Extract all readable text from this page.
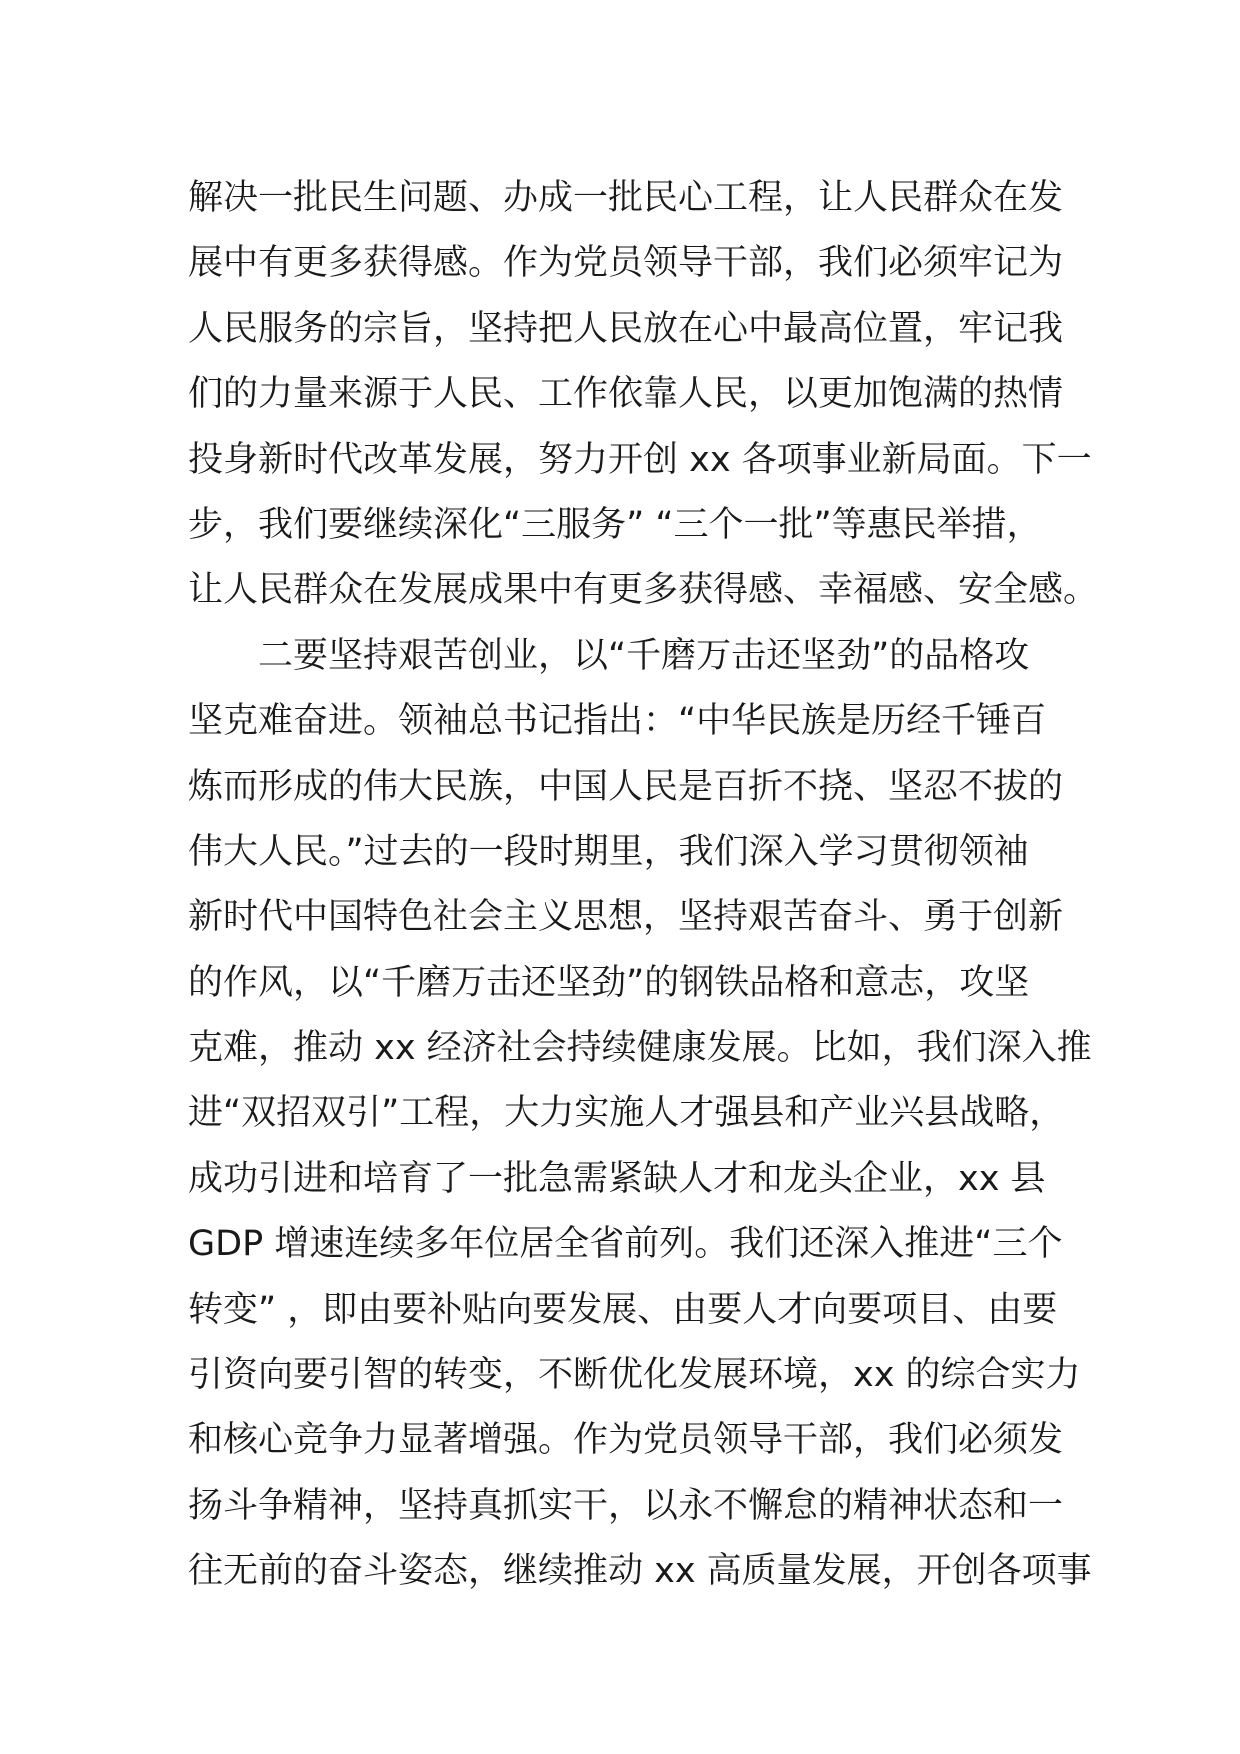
解决一批民生问题、办成一批民心工程，让人民群众在发
展中有更多获得感。作为党员领导干部，我们必须牢记为
人民服务的宗旨，坚持把人民放在心中最高位置，牢记我
们的力量来源于人民、工作依靠人民，以更加饱满的热情
投身新时代改革发展，努力开创 xx 各项事业新局面。下一
步，我们要继续深化“三服务” “三个一批”等惠民举措，
让人民群众在发展成果中有更多获得感、幸福感、安全感。
二要坚持艰苦创业，以“千磨万击还坚劲”的品格攻
坚克难奋进。领袖总书记指出：“中华民族是历经千锤百
炼而形成的伟大民族，中国人民是百折不挠、坚忍不拔的
伟大人民。”过去的一段时期里，我们深入学习贯彻领袖
新时代中国特色社会主义思想，坚持艰苦奋斗、勇于创新
的作风，以“千磨万击还坚劲”的钢铁品格和意志，攻坚
克难，推动 xx 经济社会持续健康发展。比如，我们深入推
进“双招双引”工程，大力实施人才强县和产业兴县战略，
成功引进和培育了一批急需紧缺人才和龙头企业，xx 县
GDP 增速连续多年位居全省前列。我们还深入推进“三个
转变” ，即由要补贴向要发展、由要人才向要项目、由要
引资向要引智的转变，不断优化发展环境，xx 的综合实力
和核心竞争力显著增强。作为党员领导干部，我们必须发
扬斗争精神，坚持真抓实干，以永不懈怠的精神状态和一
往无前的奋斗姿态，继续推动 xx 高质量发展，开创各项事
